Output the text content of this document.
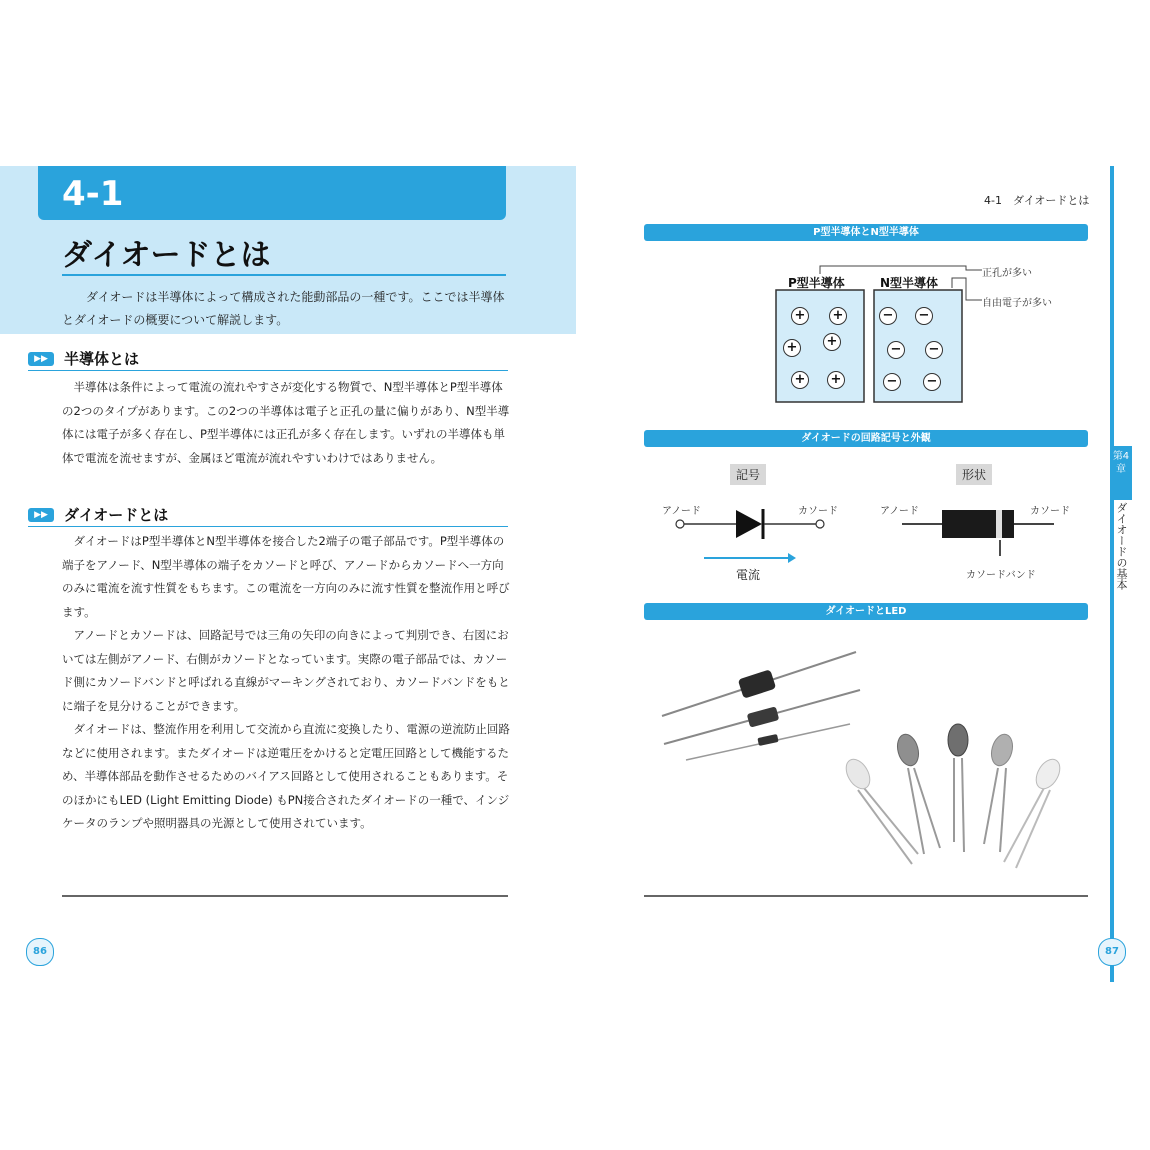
4-1
ダイオードとは
ダイオードは半導体によって構成された能動部品の一種です。ここでは半導体とダイオードの概要について解説します。
▶▶	半導体とは

半導体は条件によって電流の流れやすさが変化する物質で、N型半導体とP型半導体の2つのタイプがあります。この2つの半導体は電子と正孔の量に偏りがあり、N型半導体には電子が多く存在し、P型半導体には正孔が多く存在します。いずれの半導体も単体で電流を流せますが、金属ほど電流が流れやすいわけではありません。

▶▶	ダイオードとは

ダイオードはP型半導体とN型半導体を接合した2端子の電子部品です。P型半導体の端子をアノード、N型半導体の端子をカソードと呼び、アノードからカソードへ一方向のみに電流を流す性質をもちます。この電流を一方向のみに流す性質を整流作用と呼びます。

アノードとカソードは、回路記号では三角の矢印の向きによって判別でき、右図においては左側がアノード、右側がカソードとなっています。実際の電子部品では、カソード側にカソードバンドと呼ばれる直線がマーキングされており、カソードバンドをもとに端子を見分けることができます。

ダイオードは、整流作用を利用して交流から直流に変換したり、電源の逆流防止回路などに使用されます。またダイオードは逆電圧をかけると定電圧回路として機能するため、半導体部品を動作させるためのバイアス回路として使用されることもあります。そのほかにもLED (Light Emitting Diode) もPN接合されたダイオードの一種で、インジケータのランプや照明器具の光源として使用されています。

86
4-1　ダイオードとは
第4章
ダイオードの基本
P型半導体とN型半導体
P型半導体	N型半導体
正孔が多い
自由電子が多い
+ +
+ +
+ +
− −
− −
− −
ダイオードの回路記号と外観
記号	形状
アノード	カソード	アノード	カソード
電流	カソードバンド
ダイオードとLED
87
